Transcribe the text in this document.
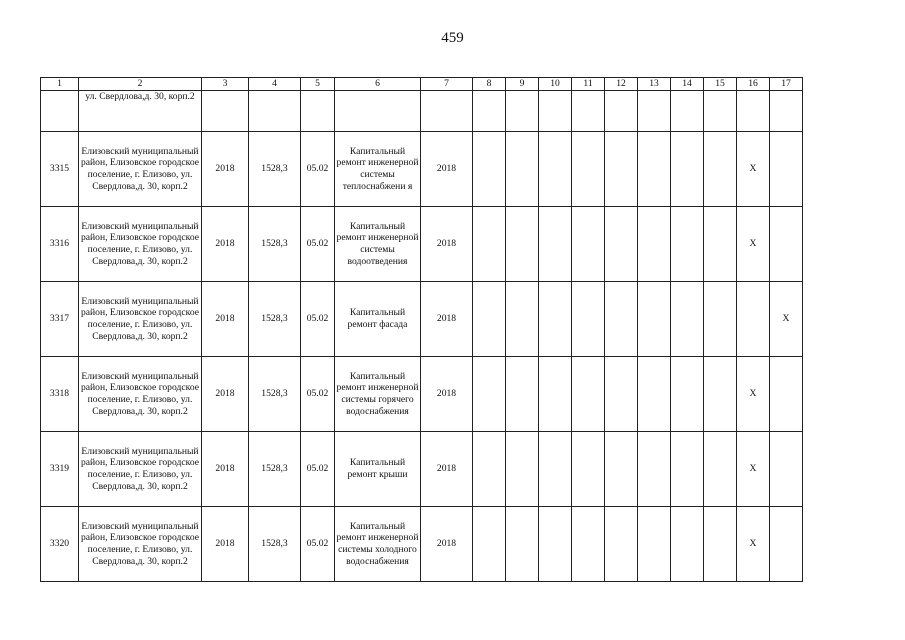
459
1	2	3	4	5	6	7	8	9	10	11	12	13	14	15	16	17

	ул. Свердлова,д. 30, корп.2															

3315	Елизовский муниципальный район, Елизовское городское поселение, г. Елизово, ул. Свердлова,д. 30, корп.2	2018	1528,3	05.02	Капитальный ремонт инженерной системы теплоснабжени я	2018									Х	
3316	Елизовский муниципальный район, Елизовское городское поселение, г. Елизово, ул. Свердлова,д. 30, корп.2	2018	1528,3	05.02	Капитальный ремонт инженерной системы водоотведения	2018									Х	
3317	Елизовский муниципальный район, Елизовское городское поселение, г. Елизово, ул. Свердлова,д. 30, корп.2	2018	1528,3	05.02	Капитальный ремонт фасада	2018										Х
3318	Елизовский муниципальный район, Елизовское городское поселение, г. Елизово, ул. Свердлова,д. 30, корп.2	2018	1528,3	05.02	Капитальный ремонт инженерной системы горячего водоснабжения	2018									Х	
3319	Елизовский муниципальный район, Елизовское городское поселение, г. Елизово, ул. Свердлова,д. 30, корп.2	2018	1528,3	05.02	Капитальный ремонт крыши	2018									Х	
3320	Елизовский муниципальный район, Елизовское городское поселение, г. Елизово, ул. Свердлова,д. 30, корп.2	2018	1528,3	05.02	Капитальный ремонт инженерной системы холодного водоснабжения	2018									Х	
